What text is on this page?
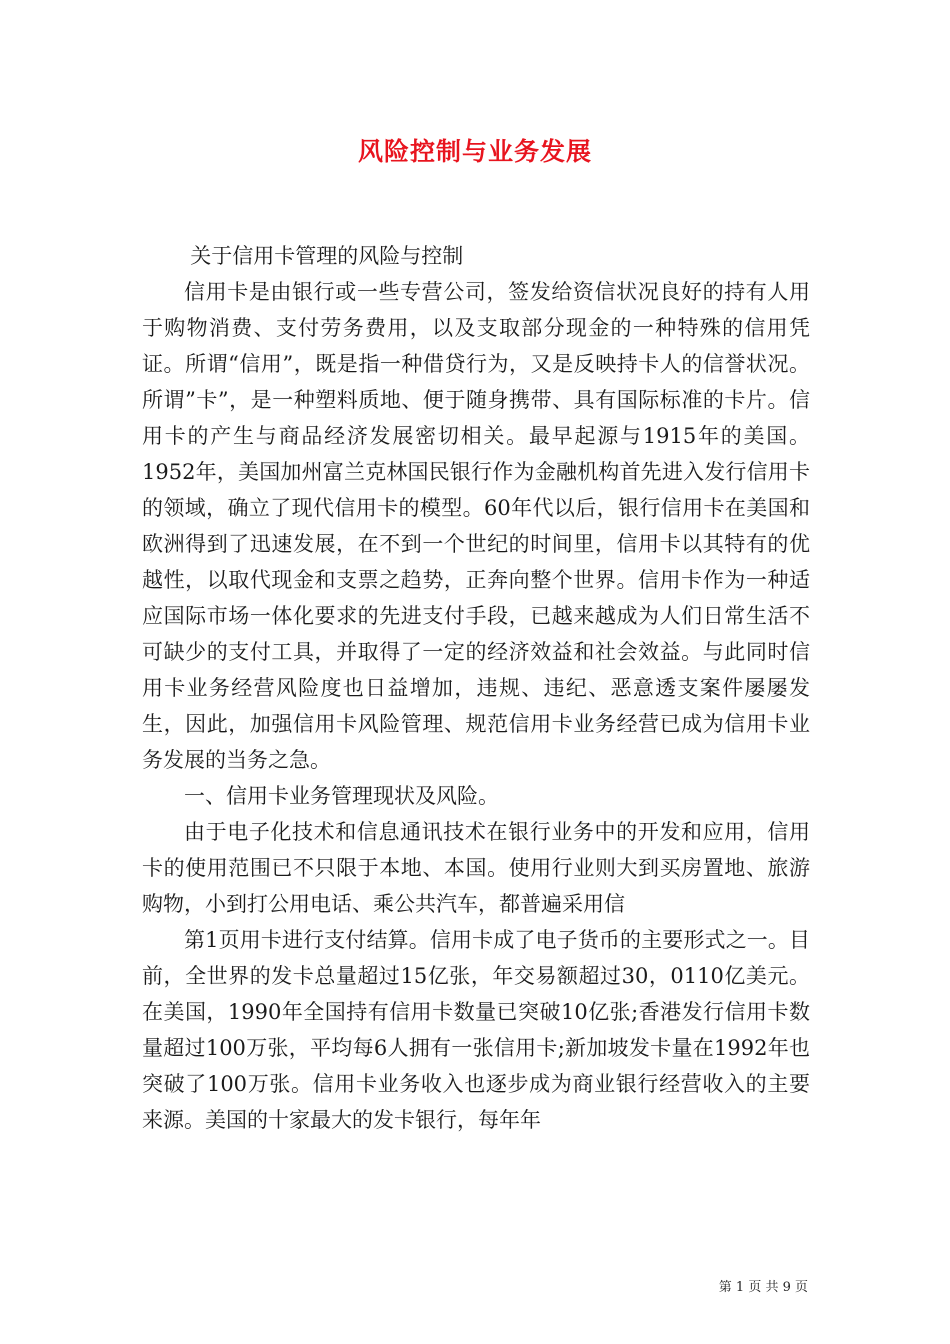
风险控制与业务发展

关于信用卡管理的风险与控制

信用卡是由银行或一些专营公司，签发给资信状况良好的持有人用于购物消费、支付劳务费用，以及支取部分现金的一种特殊的信用凭证。所谓“信用”，既是指一种借贷行为，又是反映持卡人的信誉状况。所谓”卡”，是一种塑料质地、便于随身携带、具有国际标准的卡片。信用卡的产生与商品经济发展密切相关。最早起源与1915年的美国。1952年，美国加州富兰克林国民银行作为金融机构首先进入发行信用卡的领域，确立了现代信用卡的模型。60年代以后，银行信用卡在美国和欧洲得到了迅速发展，在不到一个世纪的时间里，信用卡以其特有的优越性，以取代现金和支票之趋势，正奔向整个世界。信用卡作为一种适应国际市场一体化要求的先进支付手段，已越来越成为人们日常生活不可缺少的支付工具，并取得了一定的经济效益和社会效益。与此同时信用卡业务经营风险度也日益增加，违规、违纪、恶意透支案件屡屡发生，因此，加强信用卡风险管理、规范信用卡业务经营已成为信用卡业务发展的当务之急。

一、信用卡业务管理现状及风险。

由于电子化技术和信息通讯技术在银行业务中的开发和应用，信用卡的使用范围已不只限于本地、本国。使用行业则大到买房置地、旅游购物，小到打公用电话、乘公共汽车，都普遍采用信

第1页用卡进行支付结算。信用卡成了电子货币的主要形式之一。目前，全世界的发卡总量超过15亿张，年交易额超过30，0110亿美元。在美国，1990年全国持有信用卡数量已突破10亿张;香港发行信用卡数量超过100万张，平均每6人拥有一张信用卡;新加坡发卡量在1992年也突破了100万张。信用卡业务收入也逐步成为商业银行经营收入的主要来源。美国的十家最大的发卡银行，每年年

第 1 页 共 9 页
